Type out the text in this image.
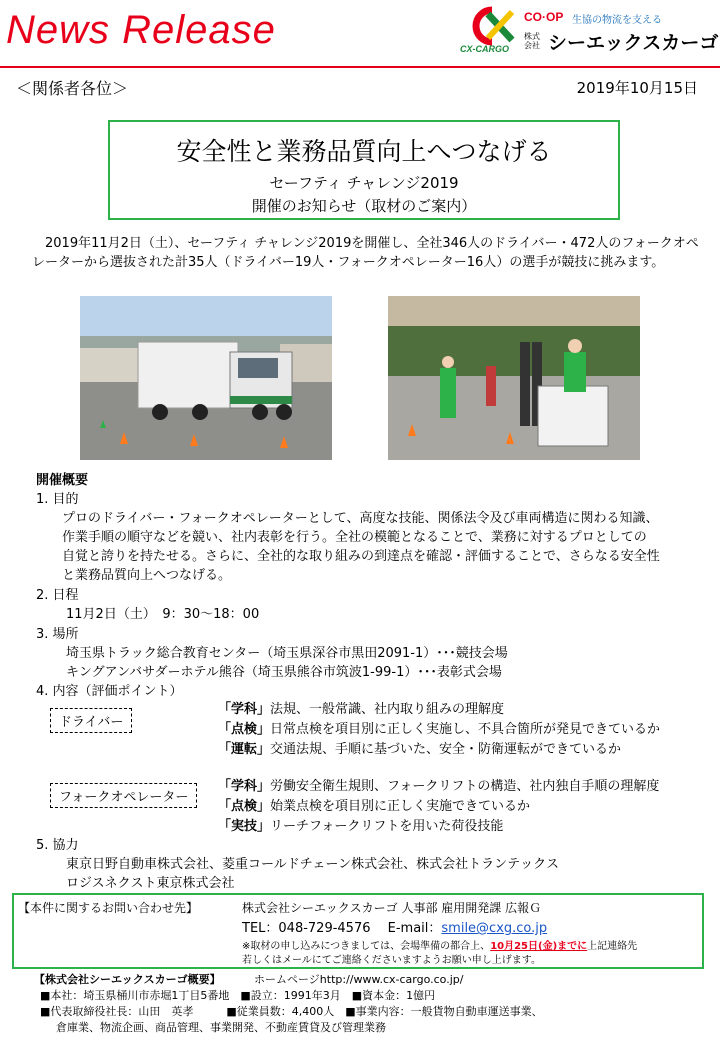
News Release	CX-CARGO
CO·OP 生協の物流を支える
株式会社 シーエックスカーゴ
＜関係者各位＞	2019年10月15日
安全性と業務品質向上へつなげる
セーフティ チャレンジ2019
開催のお知らせ（取材のご案内）
　2019年11月2日（土）、セーフティ チャレンジ2019を開催し、全社346人のドライバー・472人のフォークオペレーターから選抜された計35人（ドライバー19人・フォークオペレーター16人）の選手が競技に挑みます。
開催概要
1. 目的
プロのドライバー・フォークオペレーターとして、高度な技能、関係法令及び車両構造に関わる知識、
作業手順の順守などを競い、社内表彰を行う。全社の模範となることで、業務に対するプロとしての
自覚と誇りを持たせる。さらに、全社的な取り組みの到達点を確認・評価することで、さらなる安全性
と業務品質向上へつなげる。
2. 日程
11月2日（土）　9：30～18：00
3. 場所
埼玉県トラック総合教育センター（埼玉県深谷市黒田2091-1）･･･競技会場
キングアンバサダーホテル熊谷（埼玉県熊谷市筑波1-99-1）･･･表彰式会場
4. 内容（評価ポイント）
ドライバー
「学科」法規、一般常識、社内取り組みの理解度
「点検」日常点検を項目別に正しく実施し、不具合箇所が発見できているか
「運転」交通法規、手順に基づいた、安全・防衛運転ができているか
フォークオペレーター
「学科」労働安全衛生規則、フォークリフトの構造、社内独自手順の理解度
「点検」始業点検を項目別に正しく実施できているか
「実技」リーチフォークリフトを用いた荷役技能
5. 協力
東京日野自動車株式会社、菱重コールドチェーン株式会社、株式会社トランテックス
ロジスネクスト東京株式会社
【本件に関するお問い合わせ先】	株式会社シーエックスカーゴ 人事部 雇用開発課 広報Ｇ
TEL：048-729-4576　 E-mail：smile@cxg.co.jp
※取材の申し込みにつきましては、会場準備の都合上、10月25日(金)までに上記連絡先
若しくはメールにてご連絡くださいますようお願い申し上げます。
【株式会社シーエックスカーゴ概要】	ホームページhttp://www.cx-cargo.co.jp/
■本社：埼玉県桶川市赤堀1丁目5番地　■設立：1991年3月　■資本金：1億円
■代表取締役社長：山田　英孝　　　■従業員数：4,400人　■事業内容：一般貨物自動車運送事業、
倉庫業、物流企画、商品管理、事業開発、不動産賃貸及び管理業務
